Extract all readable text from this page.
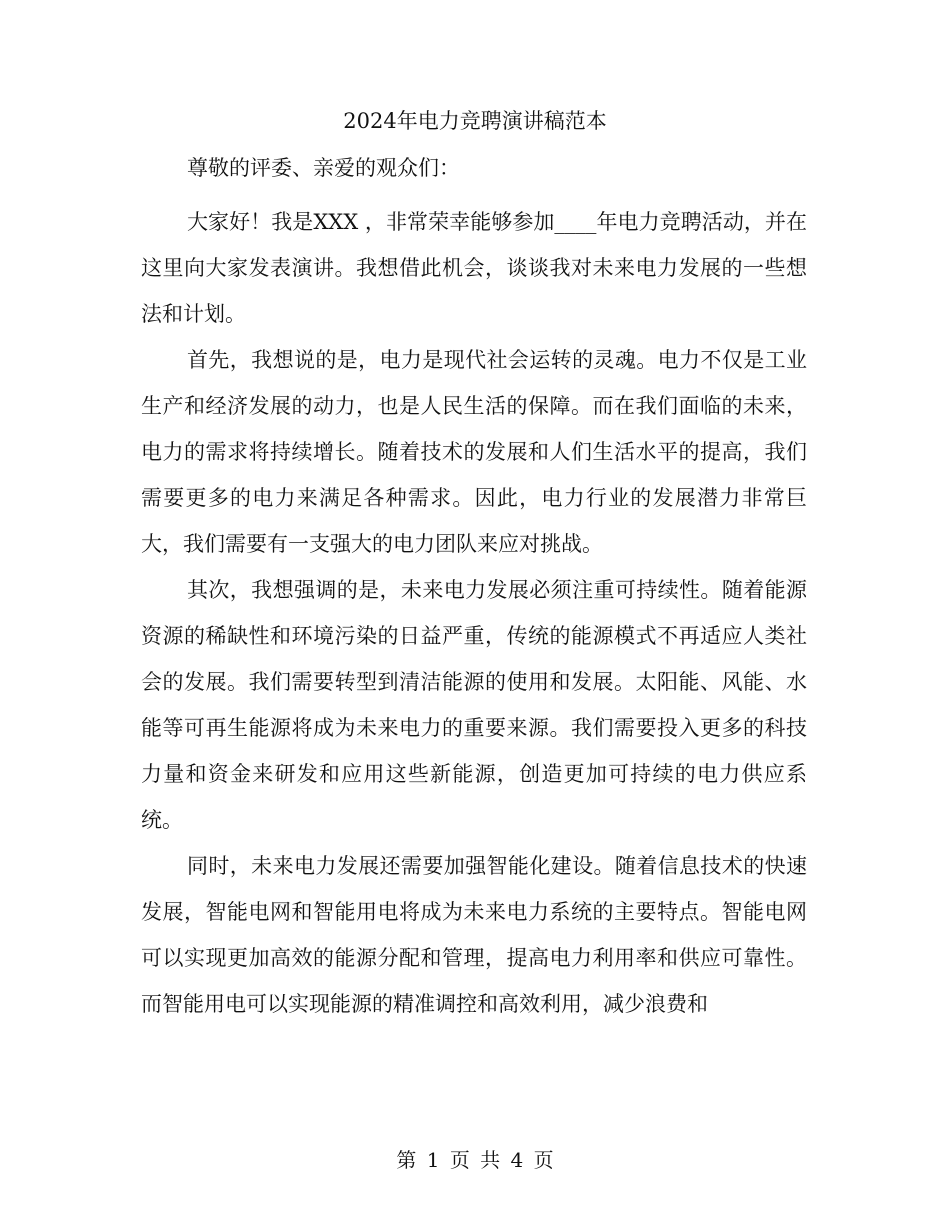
2024年电力竞聘演讲稿范本
尊敬的评委、亲爱的观众们：

大家好！我是XXX ，非常荣幸能够参加____年电力竞聘活动，并在这里向大家发表演讲。我想借此机会，谈谈我对未来电力发展的一些想法和计划。

首先，我想说的是，电力是现代社会运转的灵魂。电力不仅是工业生产和经济发展的动力，也是人民生活的保障。而在我们面临的未来，电力的需求将持续增长。随着技术的发展和人们生活水平的提高，我们需要更多的电力来满足各种需求。因此，电力行业的发展潜力非常巨大，我们需要有一支强大的电力团队来应对挑战。

其次，我想强调的是，未来电力发展必须注重可持续性。随着能源资源的稀缺性和环境污染的日益严重，传统的能源模式不再适应人类社会的发展。我们需要转型到清洁能源的使用和发展。太阳能、风能、水能等可再生能源将成为未来电力的重要来源。我们需要投入更多的科技力量和资金来研发和应用这些新能源，创造更加可持续的电力供应系统。

同时，未来电力发展还需要加强智能化建设。随着信息技术的快速发展，智能电网和智能用电将成为未来电力系统的主要特点。智能电网可以实现更加高效的能源分配和管理，提高电力利用率和供应可靠性。而智能用电可以实现能源的精准调控和高效利用，减少浪费和

第 1 页 共 4 页
